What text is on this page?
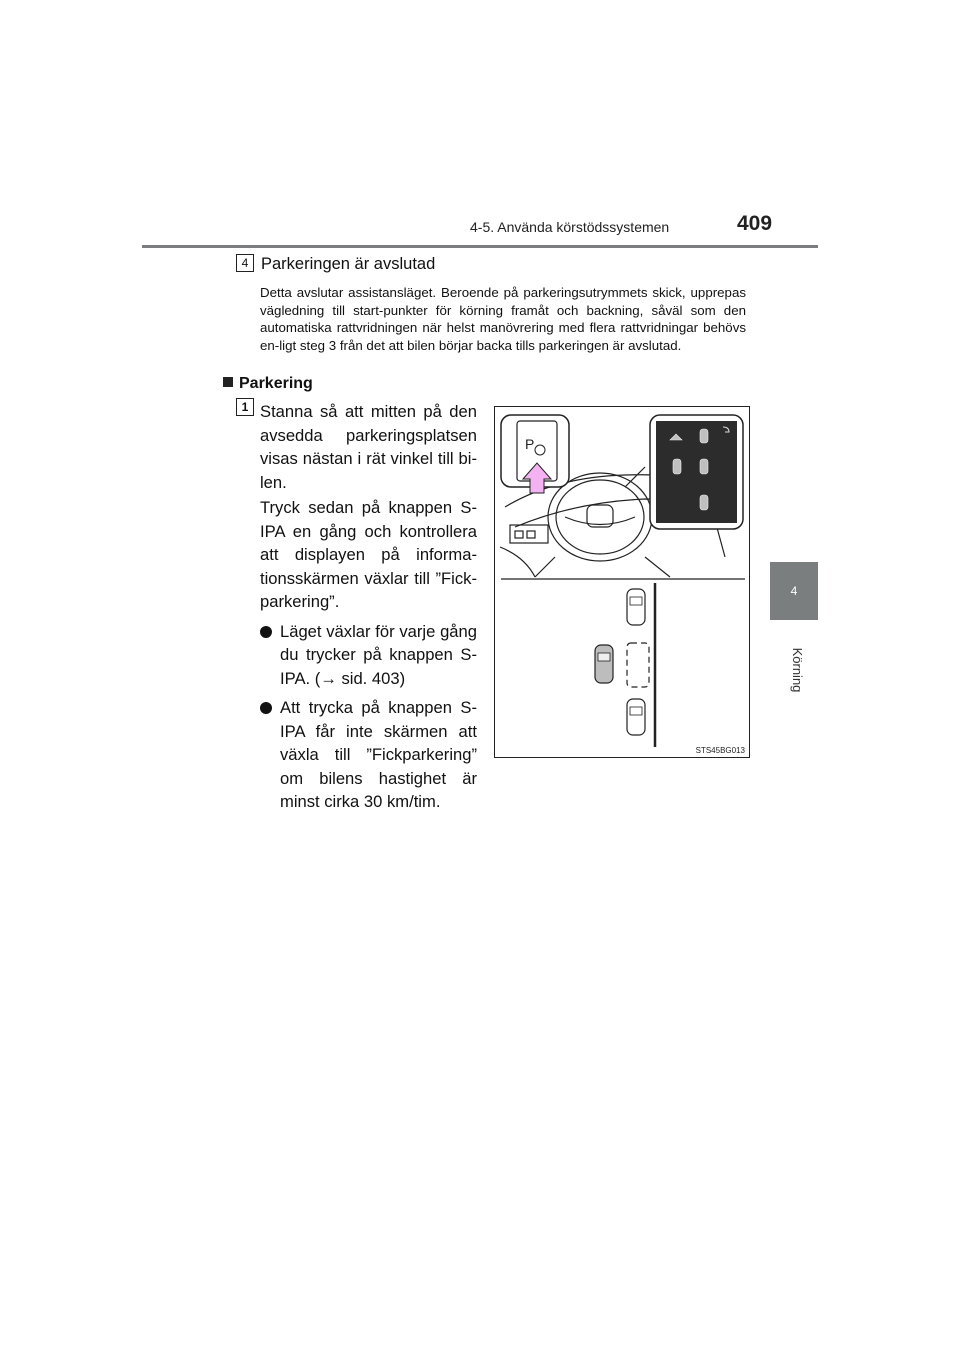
4-5. Använda körstödssystemen	409
4
Körning
4 Parkeringen är avslutad
Detta avslutar assistansläget. Beroende på parkeringsutrymmets skick, upprepas vägledning till start-punkter för körning framåt och backning, såväl som den automatiska rattvridningen när helst manövrering med flera rattvridningar behövs en-ligt steg 3 från det att bilen börjar backa tills parkeringen är avslutad.
Parkering
1 Stanna så att mitten på den avsedda parkeringsplatsen visas nästan i rät vinkel till bi-len.

Tryck sedan på knappen S-IPA en gång och kontrollera att displayen på informa-tionsskärmen växlar till ”Fick-parkering”.

Läget växlar för varje gång du trycker på knappen S-IPA. (→ sid. 403)

Att trycka på knappen S-IPA får inte skärmen att växla till ”Fickparkering” om bilens hastighet är minst cirka 30 km/tim.

P
STS45BG013
